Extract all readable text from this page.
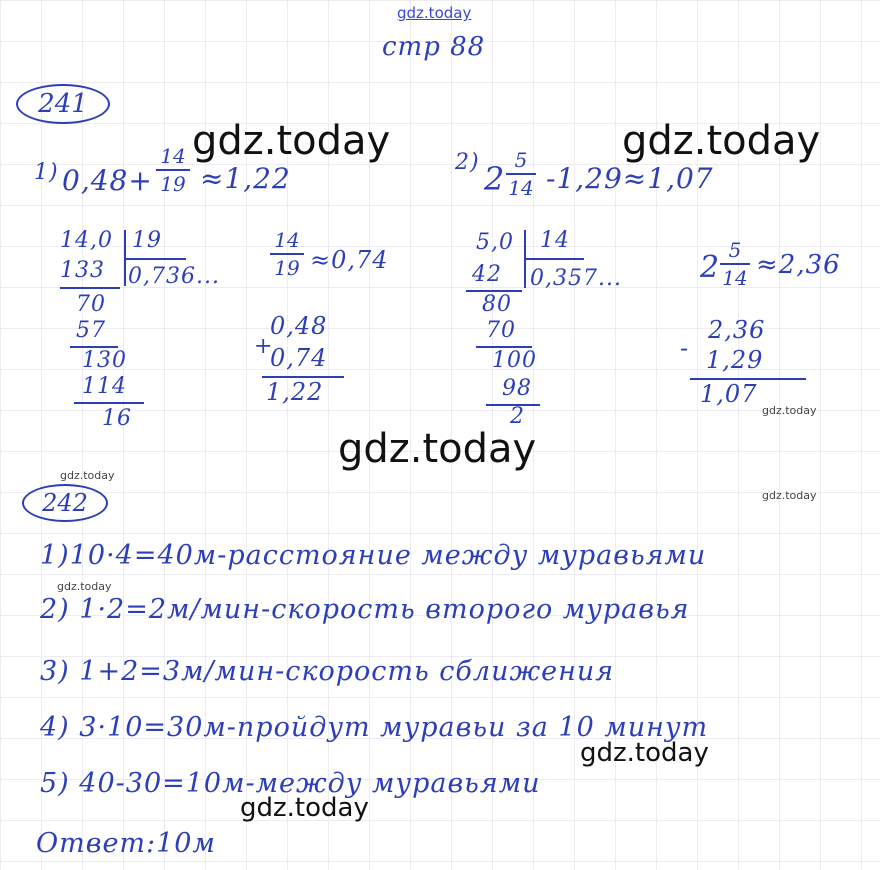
gdz.today
стр 88
gdz.today	gdz.today
gdz.today
gdz.today
gdz.today
gdz.today
gdz.today
gdz.today
gdz.today
241
1) 0,48+
14
19 ≈1,22	2) 2 5
14 -1,29≈1,07
14,0 19
0,736...
133
70
57
130
114
16
14
19 ≈0,74
+
0,48
0,74
1,22
5,0 14
0,357...
42
80
70
100
98
2
2 5
14 ≈2,36
-
2,36
1,29
1,07
242
1)10·4=40м-расстояние между муравьями
2) 1·2=2м/мин-скорость второго муравья
3) 1+2=3м/мин-скорость сближения
4) 3·10=30м-пройдут муравьи за 10 минут
5) 40-30=10м-между муравьями
Ответ:10м
